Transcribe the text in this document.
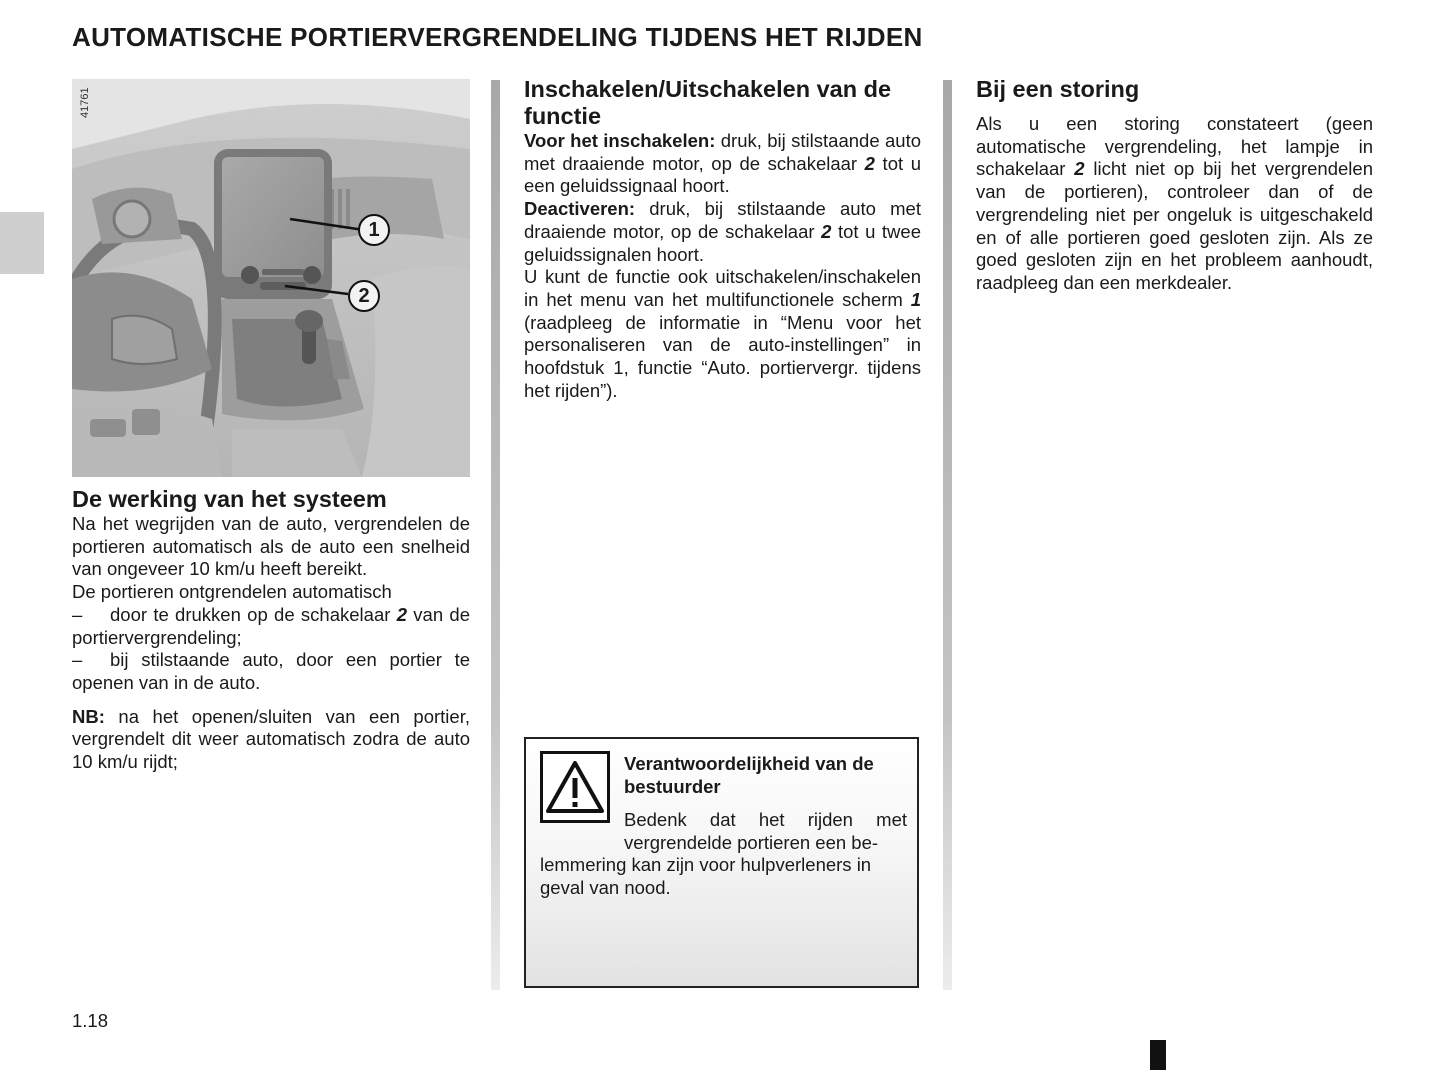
AUTOMATISCHE PORTIERVERGRENDELING TIJDENS HET RIJDEN
1
2
41761
De werking van het systeem

Na het wegrijden van de auto, vergrendelen de portieren automatisch als de auto een snelheid van ongeveer 10 km/u heeft bereikt.

De portieren ontgrendelen automatisch

– door te drukken op de schakelaar 2 van de portiervergrendeling;

– bij stilstaande auto, door een portier te openen van in de auto.

NB: na het openen/sluiten van een portier, vergrendelt dit weer automatisch zodra de auto 10 km/u rijdt;

Inschakelen/Uitschakelen van de functie

Voor het inschakelen: druk, bij stilstaande auto met draaiende motor, op de schakelaar 2 tot u een geluidssignaal hoort.

Deactiveren: druk, bij stilstaande auto met draaiende motor, op de schakelaar 2 tot u twee geluidssignalen hoort.

U kunt de functie ook uitschakelen/inschakelen in het menu van het multifunctionele scherm 1 (raadpleeg de informatie in “Menu voor het personaliseren van de auto-instellingen” in hoofdstuk 1, functie “Auto. portiervergr. tijdens het rijden”).

Verantwoordelijkheid van de bestuurder
Bedenk dat het rijden met vergrendelde portieren een be-
lemmering kan zijn voor hulpverleners in geval van nood.
Bij een storing

Als u een storing constateert (geen automatische vergrendeling, het lampje in schakelaar 2 licht niet op bij het vergrendelen van de portieren), controleer dan of de vergrendeling niet per ongeluk is uitgeschakeld en of alle portieren goed gesloten zijn. Als ze goed gesloten zijn en het probleem aanhoudt, raadpleeg dan een merkdealer.

1.18
